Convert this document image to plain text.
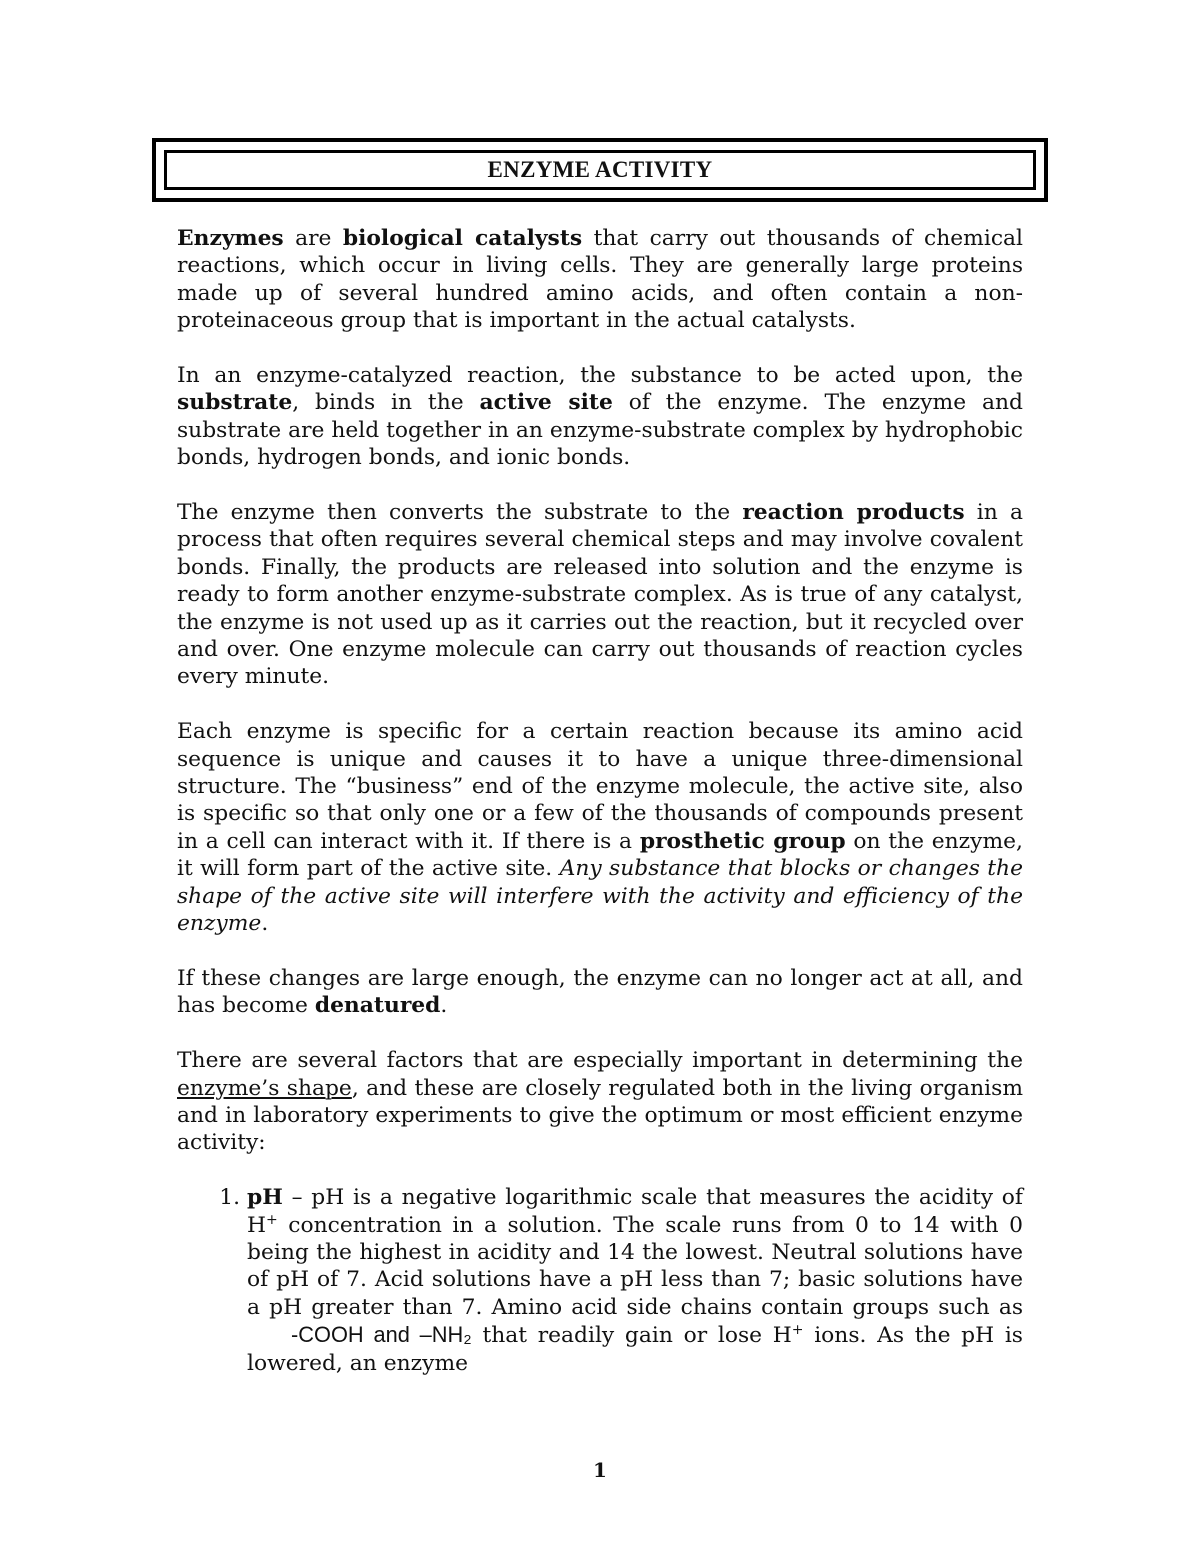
ENZYME ACTIVITY

Enzymes are biological catalysts that carry out thousands of chemical reactions, which occur in living cells. They are generally large proteins made up of several hundred amino acids, and often contain a non-proteinaceous group that is important in the actual catalysts.

In an enzyme-catalyzed reaction, the substance to be acted upon, the substrate, binds in the active site of the enzyme. The enzyme and substrate are held together in an enzyme-substrate complex by hydrophobic bonds, hydrogen bonds, and ionic bonds.

The enzyme then converts the substrate to the reaction products in a process that often requires several chemical steps and may involve covalent bonds. Finally, the products are released into solution and the enzyme is ready to form another enzyme-substrate complex. As is true of any catalyst, the enzyme is not used up as it carries out the reaction, but it recycled over and over. One enzyme molecule can carry out thousands of reaction cycles every minute.

Each enzyme is specific for a certain reaction because its amino acid sequence is unique and causes it to have a unique three-dimensional structure. The “business” end of the enzyme molecule, the active site, also is specific so that only one or a few of the thousands of compounds present in a cell can interact with it. If there is a prosthetic group on the enzyme, it will form part of the active site. Any substance that blocks or changes the shape of the active site will interfere with the activity and efficiency of the enzyme.

If these changes are large enough, the enzyme can no longer act at all, and has become denatured.

There are several factors that are especially important in determining the enzyme’s shape, and these are closely regulated both in the living organism and in laboratory experiments to give the optimum or most efficient enzyme activity:

1. pH – pH is a negative logarithmic scale that measures the acidity of H+ concentration in a solution. The scale runs from 0 to 14 with 0 being the highest in acidity and 14 the lowest. Neutral solutions have of pH of 7. Acid solutions have a pH less than 7; basic solutions have a pH greater than 7. Amino acid side chains contain groups such as -COOH and –NH₂ that readily gain or lose H+ ions. As the pH is lowered, an enzyme
1
